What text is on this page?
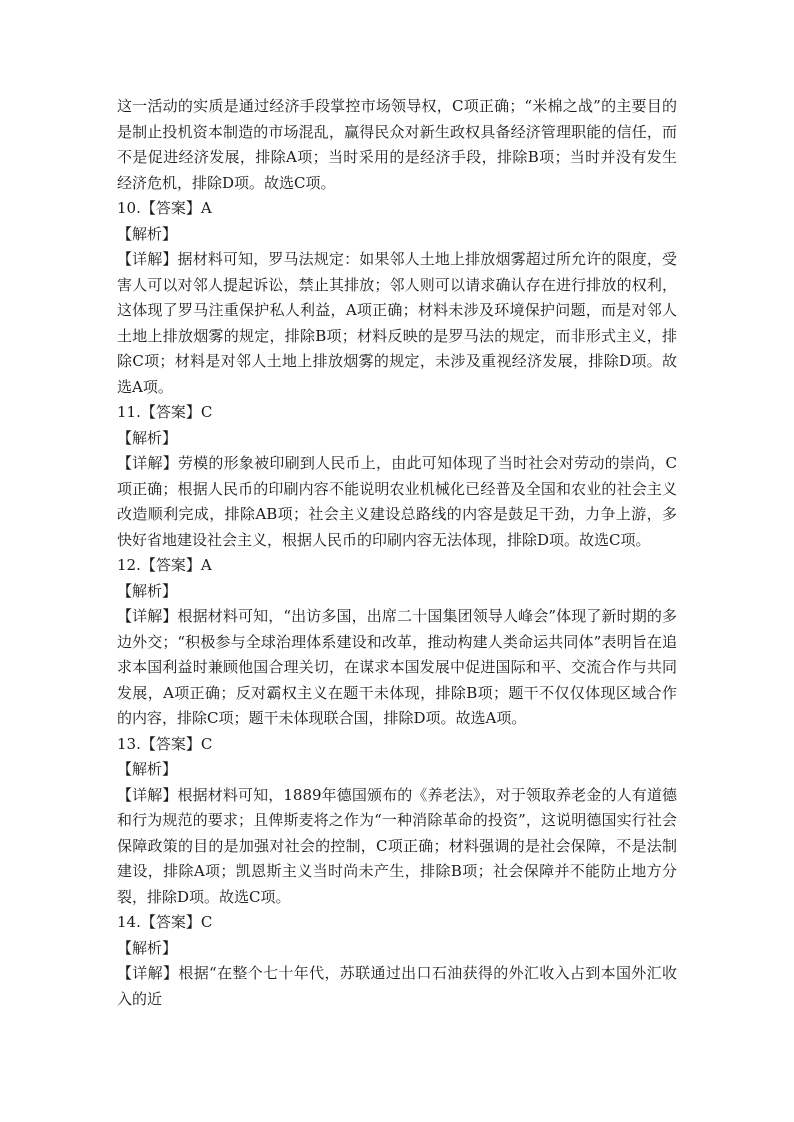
这一活动的实质是通过经济手段掌控市场领导权，C项正确；“米棉之战”的主要目的是制止投机资本制造的市场混乱，赢得民众对新生政权具备经济管理职能的信任，而不是促进经济发展，排除A项；当时采用的是经济手段，排除B项；当时并没有发生经济危机，排除D项。故选C项。

10.【答案】A

【解析】

【详解】据材料可知，罗马法规定：如果邻人土地上排放烟雾超过所允许的限度，受害人可以对邻人提起诉讼，禁止其排放；邻人则可以请求确认存在进行排放的权利，这体现了罗马注重保护私人利益，A项正确；材料未涉及环境保护问题，而是对邻人土地上排放烟雾的规定，排除B项；材料反映的是罗马法的规定，而非形式主义，排除C项；材料是对邻人土地上排放烟雾的规定，未涉及重视经济发展，排除D项。故选A项。

11.【答案】C

【解析】

【详解】劳模的形象被印刷到人民币上，由此可知体现了当时社会对劳动的崇尚，C项正确；根据人民币的印刷内容不能说明农业机械化已经普及全国和农业的社会主义改造顺利完成，排除AB项；社会主义建设总路线的内容是鼓足干劲，力争上游，多快好省地建设社会主义，根据人民币的印刷内容无法体现，排除D项。故选C项。

12.【答案】A

【解析】

【详解】根据材料可知，“出访多国，出席二十国集团领导人峰会”体现了新时期的多边外交；“积极参与全球治理体系建设和改革，推动构建人类命运共同体”表明旨在追求本国利益时兼顾他国合理关切，在谋求本国发展中促进国际和平、交流合作与共同发展，A项正确；反对霸权主义在题干未体现，排除B项；题干不仅仅体现区域合作的内容，排除C项；题干未体现联合国，排除D项。故选A项。

13.【答案】C

【解析】

【详解】根据材料可知，1889年德国颁布的《养老法》，对于领取养老金的人有道德和行为规范的要求；且俾斯麦将之作为“一种消除革命的投资”，这说明德国实行社会保障政策的目的是加强对社会的控制，C项正确；材料强调的是社会保障，不是法制建设，排除A项；凯恩斯主义当时尚未产生，排除B项；社会保障并不能防止地方分裂，排除D项。故选C项。

14.【答案】C

【解析】

【详解】根据“在整个七十年代，苏联通过出口石油获得的外汇收入占到本国外汇收入的近
